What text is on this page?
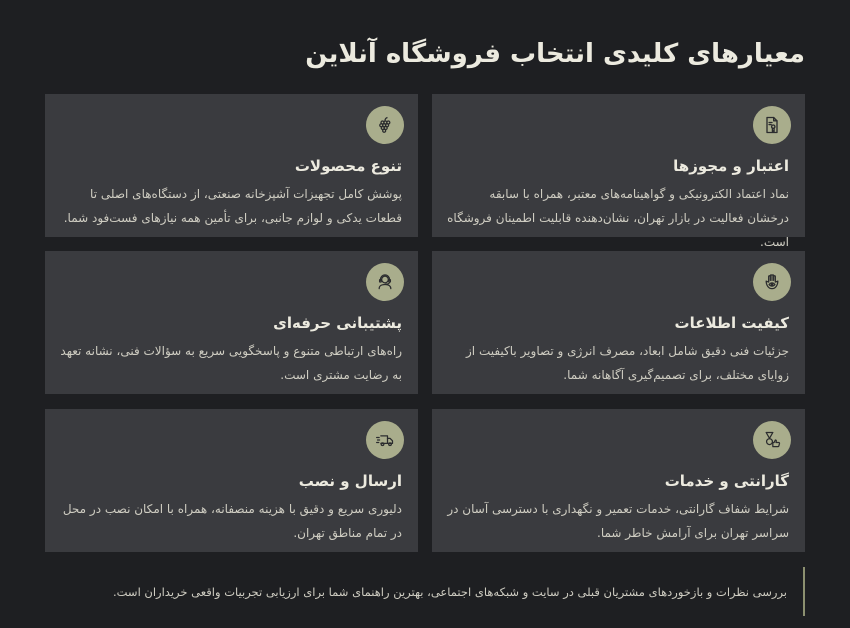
معیارهای کلیدی انتخاب فروشگاه آنلاین
اعتبار و مجوزها

نماد اعتماد الکترونیکی و گواهینامه‌های معتبر، همراه با سابقه درخشان فعالیت در بازار تهران، نشان‌دهنده قابلیت اطمینان فروشگاه است.

تنوع محصولات

پوشش کامل تجهیزات آشپزخانه صنعتی، از دستگاه‌های اصلی تا قطعات یدکی و لوازم جانبی، برای تأمین همه نیازهای فست‌فود شما.

کیفیت اطلاعات

جزئیات فنی دقیق شامل ابعاد، مصرف انرژی و تصاویر باکیفیت از زوایای مختلف، برای تصمیم‌گیری آگاهانه شما.

پشتیبانی حرفه‌ای

راه‌های ارتباطی متنوع و پاسخگویی سریع به سؤالات فنی، نشانه تعهد به رضایت مشتری است.

گارانتی و خدمات

شرایط شفاف گارانتی، خدمات تعمیر و نگهداری با دسترسی آسان در سراسر تهران برای آرامش خاطر شما.

ارسال و نصب

دلیوری سریع و دقیق با هزینه منصفانه، همراه با امکان نصب در محل در تمام مناطق تهران.

بررسی نظرات و بازخوردهای مشتریان قبلی در سایت و شبکه‌های اجتماعی، بهترین راهنمای شما برای ارزیابی تجربیات واقعی خریداران است.
